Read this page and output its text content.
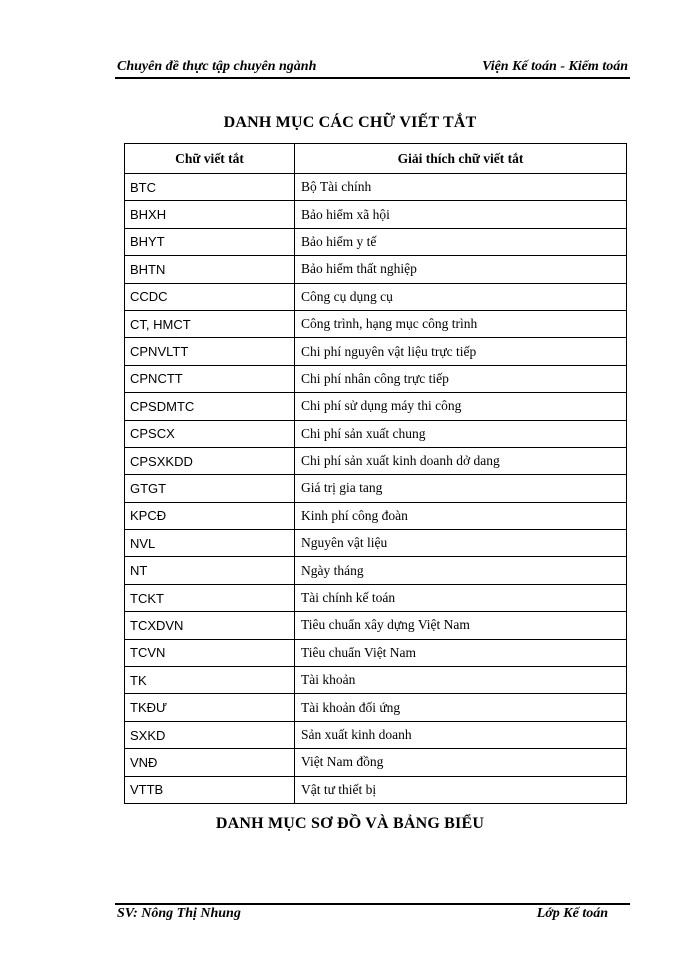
Chuyên đề thực tập chuyên ngành	Viện Kế toán - Kiểm toán
DANH MỤC CÁC CHỮ VIẾT TẮT
Chữ viết tắt	Giải thích chữ viết tắt
BTC	Bộ Tài chính
BHXH	Bảo hiểm xã hội
BHYT	Bảo hiểm y tế
BHTN	Bảo hiểm thất nghiệp
CCDC	Công cụ dụng cụ
CT, HMCT	Công trình, hạng mục công trình
CPNVLTT	Chi phí nguyên vật liệu trực tiếp
CPNCTT	Chi phí nhân công trực tiếp
CPSDMTC	Chi phí sử dụng máy thi công
CPSCX	Chi phí sản xuất chung
CPSXKDD	Chi phí sản xuất kinh doanh dở dang
GTGT	Giá trị gia tang
KPCĐ	Kinh phí công đoàn
NVL	Nguyên vật liệu
NT	Ngày tháng
TCKT	Tài chính kế toán
TCXDVN	Tiêu chuẩn xây dựng Việt Nam
TCVN	Tiêu chuẩn Việt Nam
TK	Tài khoản
TKĐƯ	Tài khoản đối ứng
SXKD	Sản xuất kinh doanh
VNĐ	Việt Nam đồng
VTTB	Vật tư thiết bị
DANH MỤC SƠ ĐỒ VÀ BẢNG BIỂU
SV: Nông Thị Nhung	Lớp Kế toán
